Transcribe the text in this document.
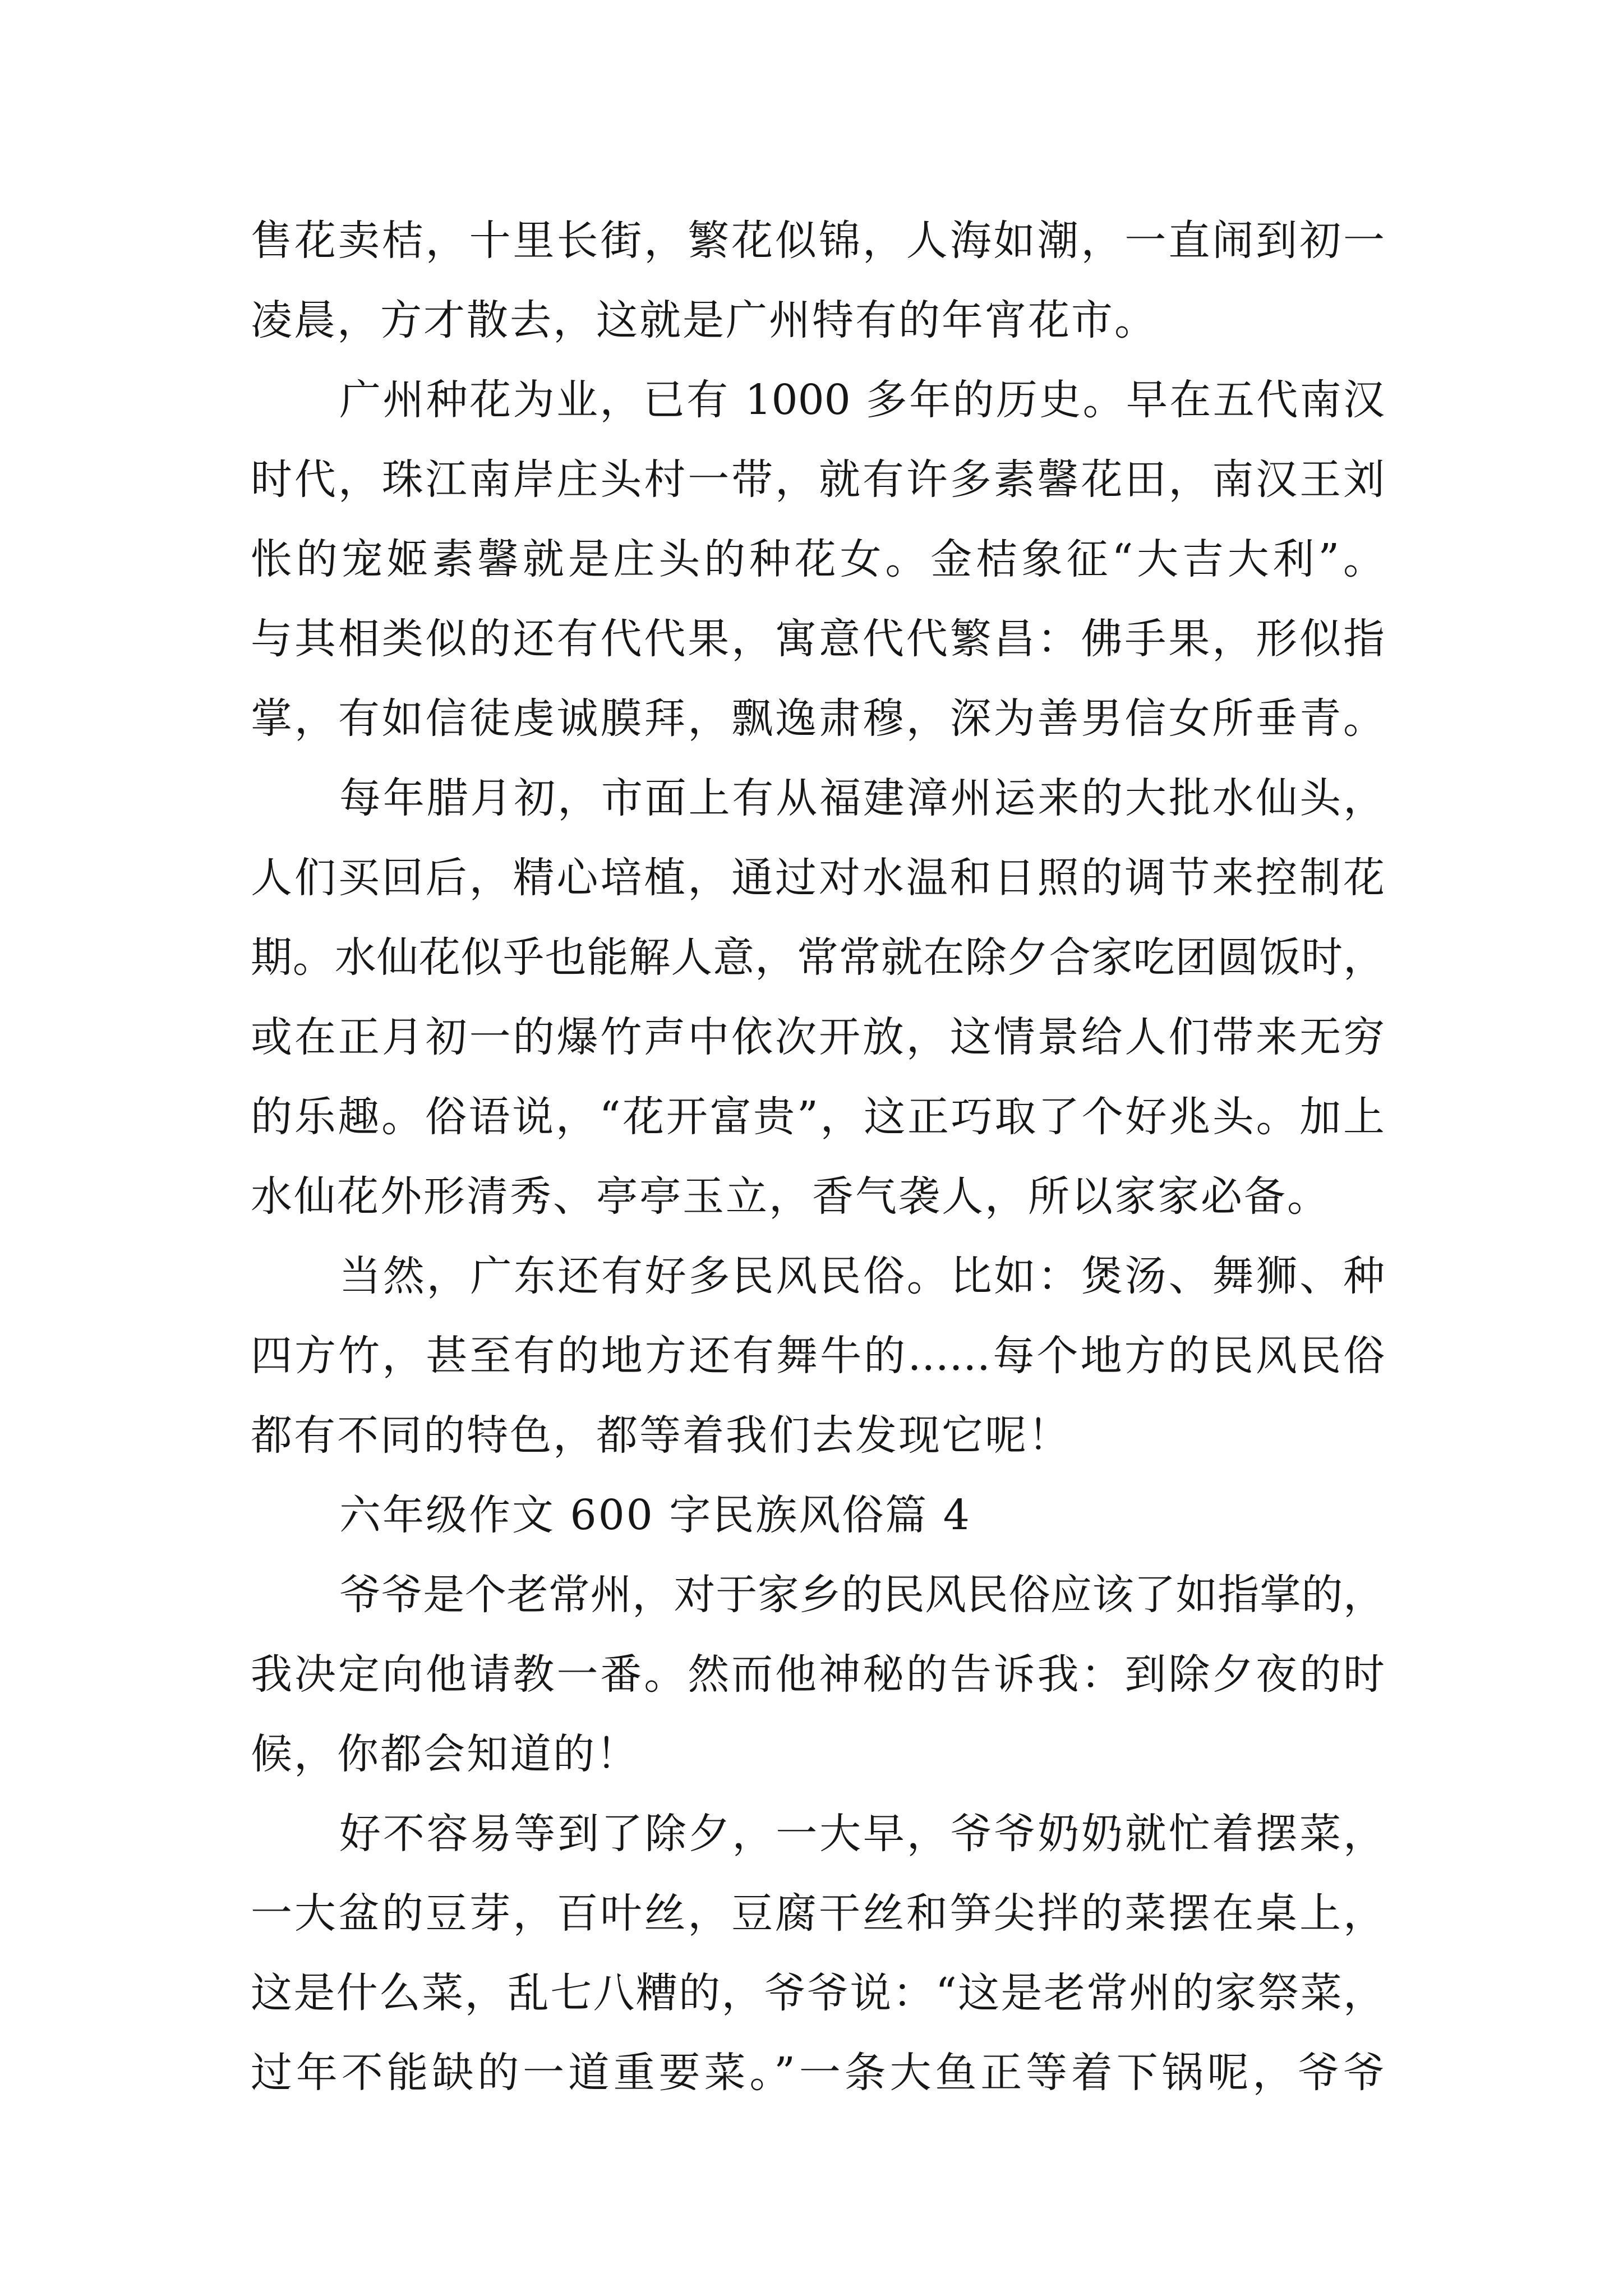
售花卖桔，十里长街，繁花似锦，人海如潮，一直闹到初一
凌晨，方才散去，这就是广州特有的年宵花市。
广州种花为业，已有 1000 多年的历史。早在五代南汉
时代，珠江南岸庄头村一带，就有许多素馨花田，南汉王刘
怅的宠姬素馨就是庄头的种花女。金桔象征“大吉大利”。
与其相类似的还有代代果，寓意代代繁昌：佛手果，形似指
掌，有如信徒虔诚膜拜，飘逸肃穆，深为善男信女所垂青。
每年腊月初，市面上有从福建漳州运来的大批水仙头，
人们买回后，精心培植，通过对水温和日照的调节来控制花
期。水仙花似乎也能解人意，常常就在除夕合家吃团圆饭时，
或在正月初一的爆竹声中依次开放，这情景给人们带来无穷
的乐趣。俗语说，“花开富贵”，这正巧取了个好兆头。加上
水仙花外形清秀、亭亭玉立，香气袭人，所以家家必备。
当然，广东还有好多民风民俗。比如：煲汤、舞狮、种
四方竹，甚至有的地方还有舞牛的……每个地方的民风民俗
都有不同的特色，都等着我们去发现它呢！
六年级作文 600 字民族风俗篇 4
爷爷是个老常州，对于家乡的民风民俗应该了如指掌的，
我决定向他请教一番。然而他神秘的告诉我：到除夕夜的时
候，你都会知道的！
好不容易等到了除夕，一大早，爷爷奶奶就忙着摆菜，
一大盆的豆芽，百叶丝，豆腐干丝和笋尖拌的菜摆在桌上，
这是什么菜，乱七八糟的，爷爷说：“这是老常州的家祭菜，
过年不能缺的一道重要菜。”一条大鱼正等着下锅呢，爷爷
